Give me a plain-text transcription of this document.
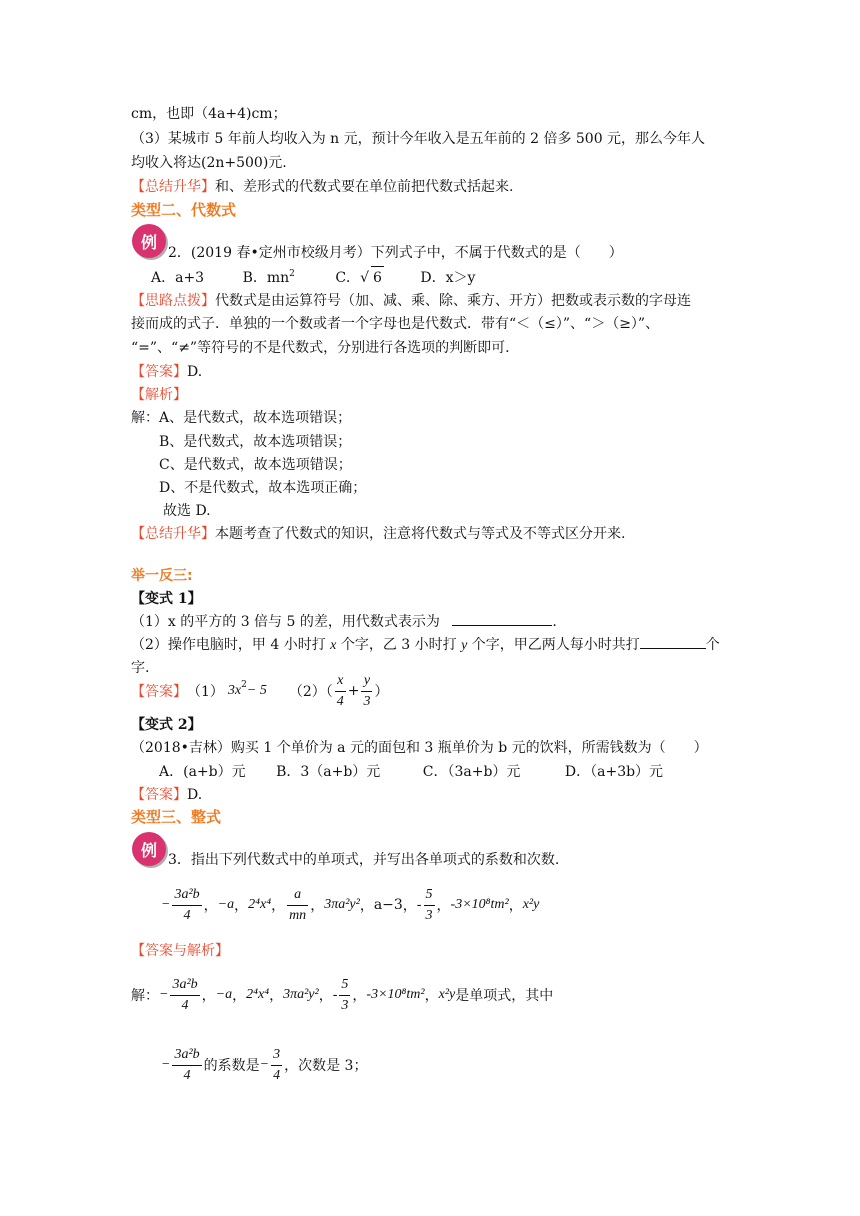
cm，也即（4a+4)cm；
（3）某城市 5 年前人均收入为 n 元，预计今年收入是五年前的 2 倍多 500 元，那么今年人
均收入将达(2n+500)元.
【总结升华】和、差形式的代数式要在单位前把代数式括起来.
类型二、代数式
例
2．(2019 春•定州市校级月考）下列式子中，不属于代数式的是（　　）
A．a+3	B．$mn^2$	C．√ 6	D．x＞y
【思路点拨】代数式是由运算符号（加、减、乘、除、乘方、开方）把数或表示数的字母连
接而成的式子．单独的一个数或者一个字母也是代数式．带有“＜（≤）”、“＞（≥）”、
“=”、“≠”等符号的不是代数式，分别进行各选项的判断即可.
【答案】D.
【解析】
解：A、是代数式，故本选项错误；
B、是代数式，故本选项错误；
C、是代数式，故本选项错误；
D、不是代数式，故本选项正确；
故选 D.
【总结升华】本题考查了代数式的知识，注意将代数式与等式及不等式区分开来.
举一反三:
【变式 1】
（1）x 的平方的 3 倍与 5 的差，用代数式表示为	.
（2）操作电脑时，甲 4 小时打 x 个字，乙 3 小时打 y 个字，甲乙两人每小时共打	个
字.
【答案】 （1） 3x 2 − 5 $(2)( \frac{x}{4} + \frac{y}{3}$ ）
【变式 2】
（2018•吉林）购买 1 个单价为 a 元的面包和 3 瓶单价为 b 元的饮料，所需钱数为（　　）
A．(a+b）元 B．3（a+b）元	C．（3a+b）元	D．（a+3b）元
【答案】D.
类型三、整式
例
3．指出下列代数式中的单项式，并写出各单项式的系数和次数.
− $\frac{\text{3a²b}}{4}$ ， −a ， 2⁴x⁴ ， $\frac{a}{mn}$ ， 3πa²y² ， a−3 ， - $\frac{5}{3}$ ， -3×10⁸tm² ， x²y
【答案与解析】
解： − $\frac{\text{3a²b}}{4}$ ， −a ， 2⁴x⁴ ， 3πa²y² ， - $\frac{5}{3}$ ， -3×10⁸tm² ， x²y 是单项式，其中
− $\frac{\text{3a²b}}{4}$ 的系数是 − $\frac{3}{4}$ ，次数是 3；
